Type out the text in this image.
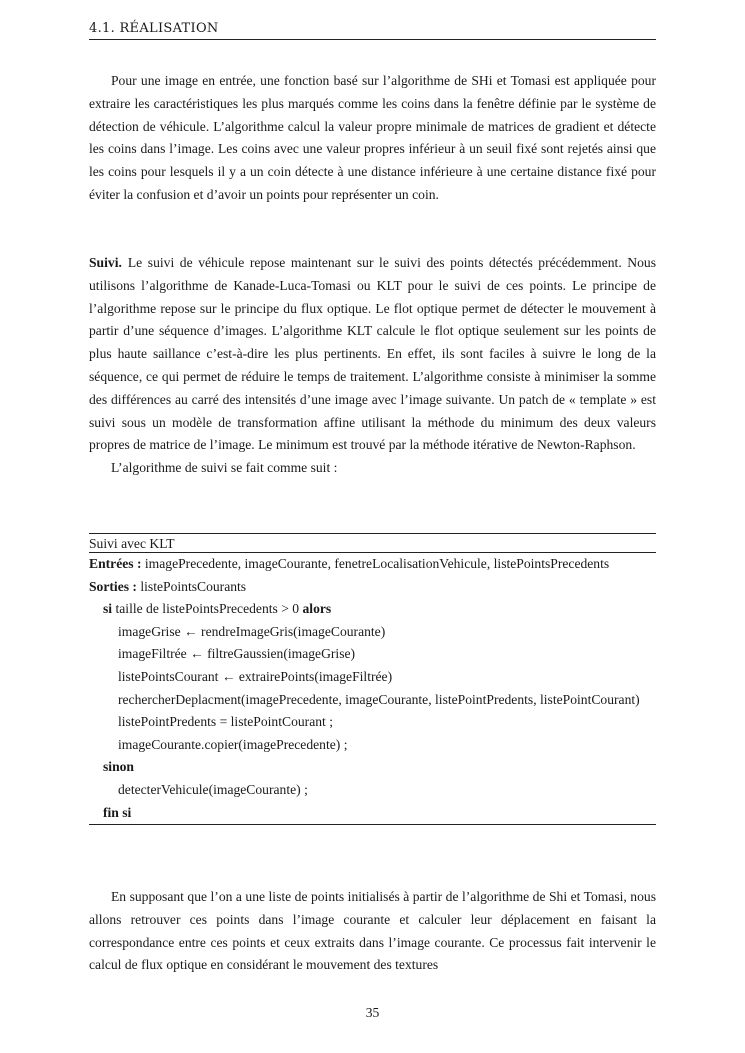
4.1. RÉALISATION

Pour une image en entrée, une fonction basé sur l’algorithme de SHi et Tomasi est appliquée pour extraire les caractéristiques les plus marqués comme les coins dans la fenêtre définie par le système de détection de véhicule. L’algorithme calcul la valeur propre minimale de matrices de gradient et détecte les coins dans l’image. Les coins avec une valeur propres inférieur à un seuil fixé sont rejetés ainsi que les coins pour lesquels il y a un coin détecte à une distance inférieure à une certaine distance fixé pour éviter la confusion et d’avoir un points pour représenter un coin.

Suivi. Le suivi de véhicule repose maintenant sur le suivi des points détectés précédemment. Nous utilisons l’algorithme de Kanade-Luca-Tomasi ou KLT pour le suivi de ces points. Le principe de l’algorithme repose sur le principe du flux optique. Le flot optique permet de détecter le mouvement à partir d’une séquence d’images. L’algorithme KLT calcule le flot optique seulement sur les points de plus haute saillance c’est-à-dire les plus pertinents. En effet, ils sont faciles à suivre le long de la séquence, ce qui permet de réduire le temps de traitement. L’algorithme consiste à minimiser la somme des différences au carré des intensités d’une image avec l’image suivante. Un patch de « template » est suivi sous un modèle de transformation affine utilisant la méthode du minimum des deux valeurs propres de matrice de l’image. Le minimum est trouvé par la méthode itérative de Newton-Raphson.

L’algorithme de suivi se fait comme suit :

Suivi avec KLT

Entrées : imagePrecedente, imageCourante, fenetreLocalisationVehicule, listePointsPrecedents

Sorties : listePointsCourants

si taille de listePointsPrecedents > 0 alors

imageGrise ← rendreImageGris(imageCourante)

imageFiltrée ← filtreGaussien(imageGrise)

listePointsCourant ← extrairePoints(imageFiltrée)

rechercherDeplacment(imagePrecedente, imageCourante, listePointPredents, listePointCourant)

listePointPredents = listePointCourant ;

imageCourante.copier(imagePrecedente) ;

sinon

detecterVehicule(imageCourante) ;

fin si

En supposant que l’on a une liste de points initialisés à partir de l’algorithme de Shi et Tomasi, nous allons retrouver ces points dans l’image courante et calculer leur déplacement en faisant la correspondance entre ces points et ceux extraits dans l’image courante. Ce processus fait intervenir le calcul de flux optique en considérant le mouvement des textures

35
